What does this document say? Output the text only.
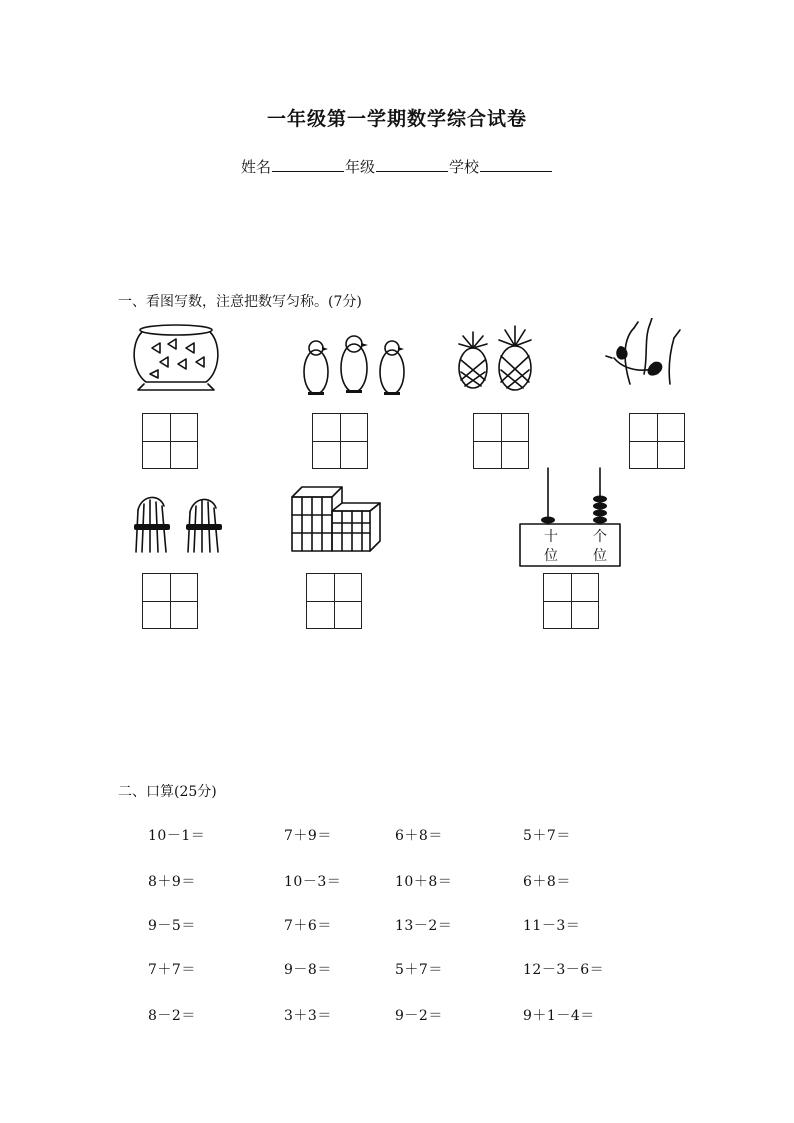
一年级第一学期数学综合试卷
姓名	年级	学校
一、看图写数，注意把数写匀称。(7分)
十
位
个
位
二、口算(25分)
10－1＝	7＋9＝	6＋8＝	5＋7＝
8＋9＝	10－3＝	10＋8＝	6＋8＝
9－5＝	7＋6＝	13－2＝	11－3＝
7＋7＝	9－8＝	5＋7＝	12－3－6＝
8－2＝	3＋3＝	9－2＝	9＋1－4＝
